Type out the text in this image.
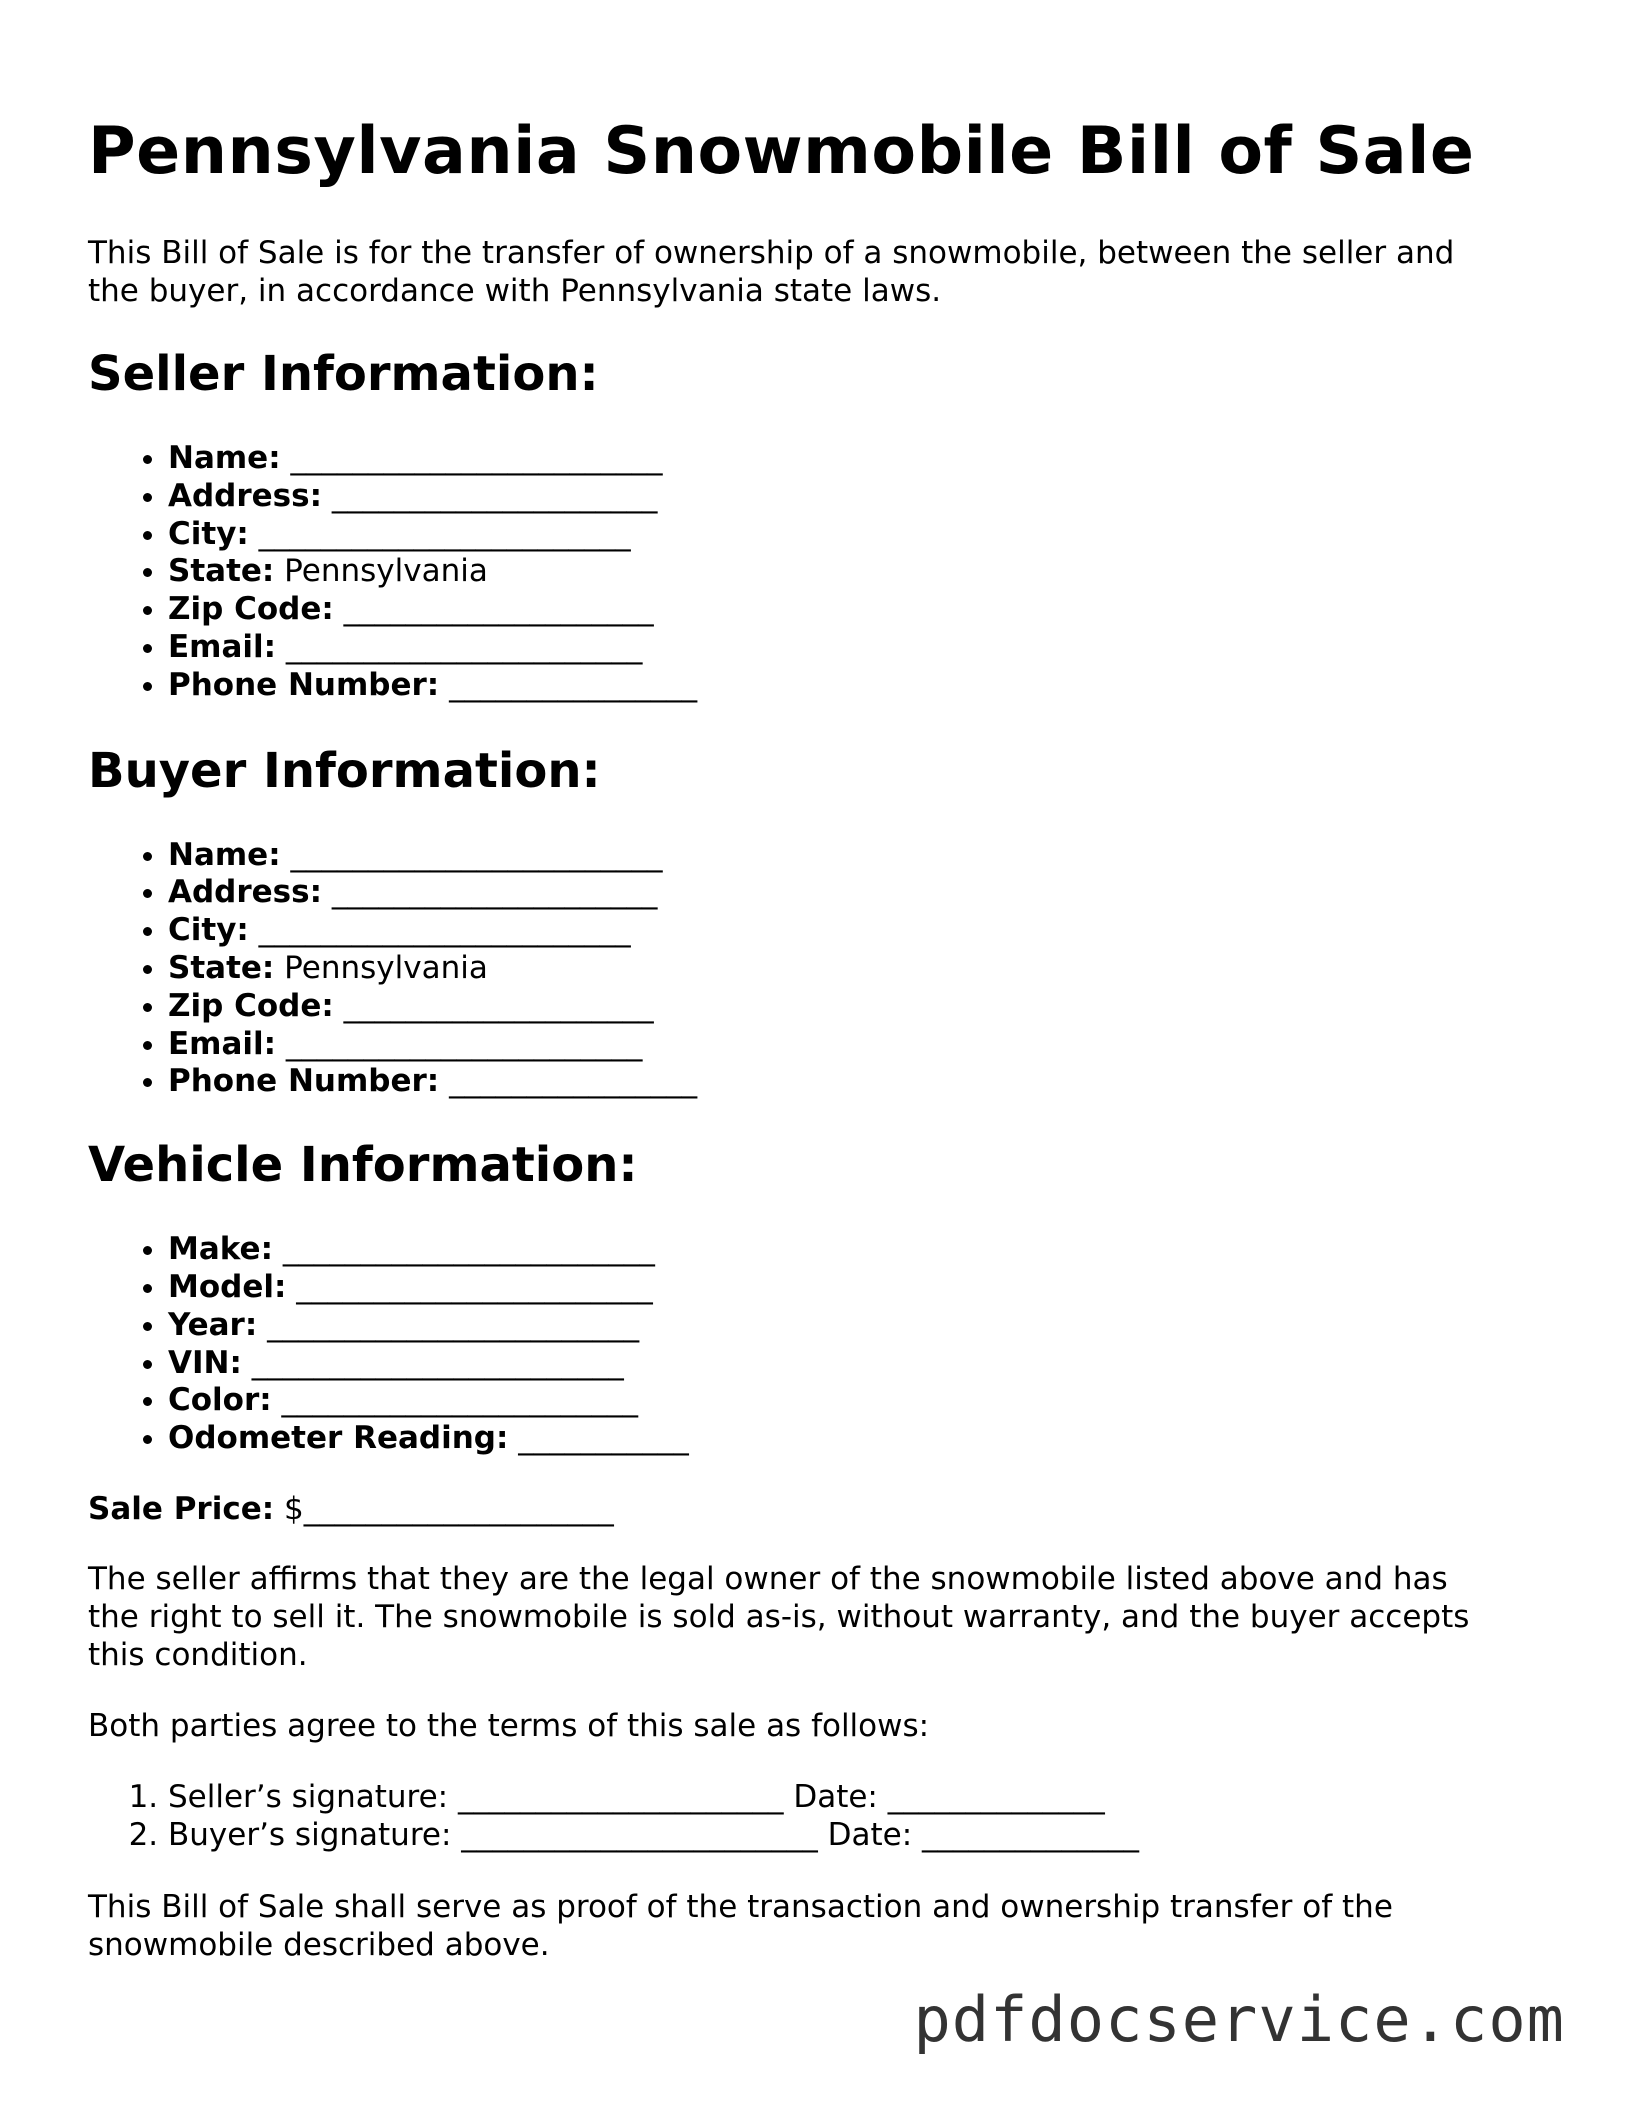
Pennsylvania Snowmobile Bill of Sale

This Bill of Sale is for the transfer of ownership of a snowmobile, between the seller and the buyer, in accordance with Pennsylvania state laws.

Seller Information:
• Name: ________________________
• Address: _____________________
• City: ________________________
• State: Pennsylvania
• Zip Code: ____________________
• Email: _______________________
• Phone Number: ________________
Buyer Information:
• Name: ________________________
• Address: _____________________
• City: ________________________
• State: Pennsylvania
• Zip Code: ____________________
• Email: _______________________
• Phone Number: ________________
Vehicle Information:
• Make: ________________________
• Model: _______________________
• Year: ________________________
• VIN: ________________________
• Color: _______________________
• Odometer Reading: ___________

Sale Price: $____________________

The seller affirms that they are the legal owner of the snowmobile listed above and has the right to sell it. The snowmobile is sold as-is, without warranty, and the buyer accepts this condition.

Both parties agree to the terms of this sale as follows:

1. Seller’s signature: _____________________ Date: ______________
2. Buyer’s signature: _______________________ Date: ______________

This Bill of Sale shall serve as proof of the transaction and ownership transfer of the snowmobile described above.

pdfdocservice.com
